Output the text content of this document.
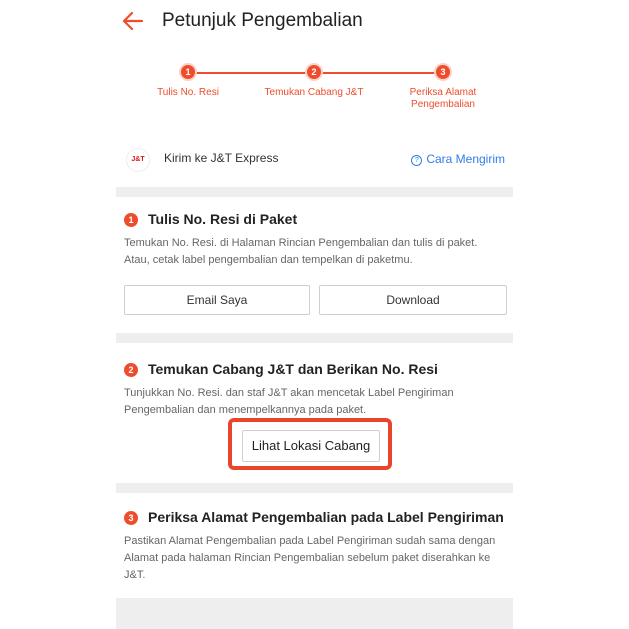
Petunjuk Pengembalian
1
Tulis No. Resi
2
Temukan Cabang J&T
3
Periksa Alamat
Pengembalian
J&T	Kirim ke J&T Express	? Cara Mengirim
1	Tulis No. Resi di Paket
Temukan No. Resi. di Halaman Rincian Pengembalian dan tulis di paket. Atau, cetak label pengembalian dan tempelkan di paketmu.
Email Saya	Download
2	Temukan Cabang J&T dan Berikan No. Resi
Tunjukkan No. Resi. dan staf J&T akan mencetak Label Pengiriman Pengembalian dan menempelkannya pada paket.
Lihat Lokasi Cabang
3	Periksa Alamat Pengembalian pada Label Pengiriman
Pastikan Alamat Pengembalian pada Label Pengiriman sudah sama dengan Alamat pada halaman Rincian Pengembalian sebelum paket diserahkan ke J&T.
